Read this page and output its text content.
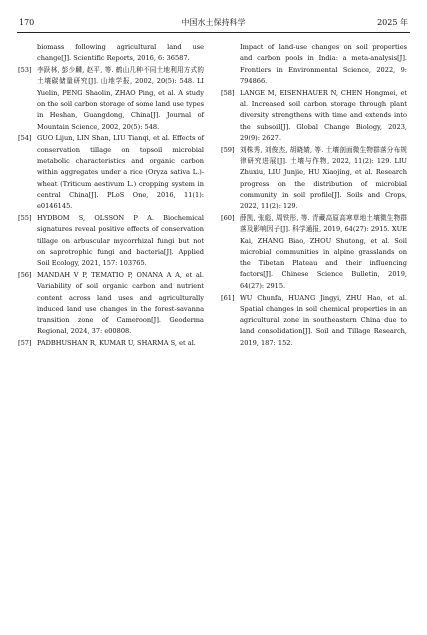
170	中国水土保持科学	2025 年
biomass following agricultural land use change[J]. Scientific Reports, 2016, 6: 36587.
[53] 李跃林, 彭少麟, 赵平, 等. 鹤山几种不同土地利用方式的土壤碳储量研究[J]. 山地学报, 2002, 20(5): 548. LI Yuelin, PENG Shaolin, ZHAO Ping, et al. A study on the soil carbon storage of some land use types in Heshan, Guangdong, China[J]. Journal of Mountain Science, 2002, 20(5): 548.
[54] GUO Lijun, LIN Shan, LIU Tianqi, et al. Effects of conservation tillage on topsoil microbial metabolic characteristics and organic carbon within aggregates under a rice (Oryza sativa L.)-wheat (Triticum aestivum L.) cropping system in central China[J]. PLoS One, 2016, 11(1): e0146145.
[55] HYDBOM S, OLSSON P A. Biochemical signatures reveal positive effects of conservation tillage on arbuscular mycorrhizal fungi but not on saprotrophic fungi and bacteria[J]. Applied Soil Ecology, 2021, 157: 103765.
[56] MANDAH V P, TEMATIO P, ONANA A A, et al. Variability of soil organic carbon and nutrient content across land uses and agriculturally induced land use changes in the forest-savanna transition zone of Cameroon[J]. Geoderma Regional, 2024, 37: e00808.
[57] PADBHUSHAN R, KUMAR U, SHARMA S, et al.
Impact of land-use changes on soil properties and carbon pools in India: a meta-analysis[J]. Frontiers in Environmental Science, 2022, 9: 794866.
[58] LANGE M, EISENHAUER N, CHEN Hongmei, et al. Increased soil carbon storage through plant diversity strengthens with time and extends into the subsoil[J]. Global Change Biology, 2023, 29(9): 2627.
[59] 刘株秀, 刘俊杰, 胡晓婧, 等. 土壤剖面微生物群落分布规律研究进展[J]. 土壤与作物, 2022, 11(2): 129. LIU Zhuxiu, LIU Junjie, HU Xiaojing, et al. Research progress on the distribution of microbial community in soil profile[J]. Soils and Crops, 2022, 11(2): 129.
[60] 薛凯, 张彪, 周铁彤, 等. 青藏高原高寒草地土壤微生物群落及影响因子[J]. 科学通报, 2019, 64(27): 2915. XUE Kai, ZHANG Biao, ZHOU Shutong, et al. Soil microbial communities in alpine grasslands on the Tibetan Plateau and their influencing factors[J]. Chinese Science Bulletin, 2019, 64(27): 2915.
[61] WU Chunfa, HUANG Jingyi, ZHU Hao, et al. Spatial changes in soil chemical properties in an agricultural zone in southeastern China due to land consolidation[J]. Soil and Tillage Research, 2019, 187: 152.
